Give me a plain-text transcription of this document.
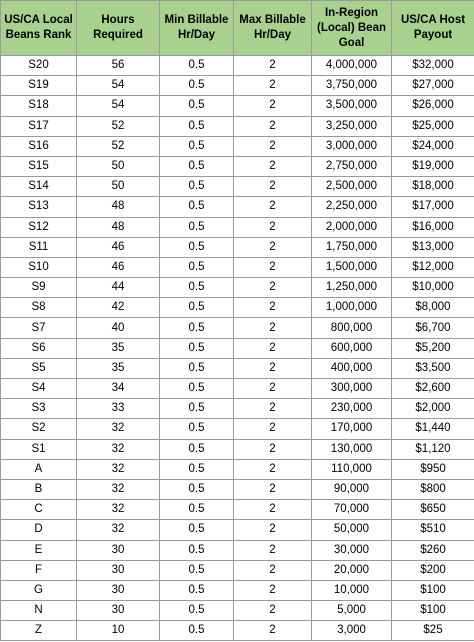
US/CA Local Beans Rank	Hours Required	Min Billable Hr/Day	Max Billable Hr/Day	In-Region (Local) Bean Goal	US/CA Host Payout
S20	56	0.5	2	4,000,000	$32,000
S19	54	0.5	2	3,750,000	$27,000
S18	54	0.5	2	3,500,000	$26,000
S17	52	0.5	2	3,250,000	$25,000
S16	52	0.5	2	3,000,000	$24,000
S15	50	0.5	2	2,750,000	$19,000
S14	50	0.5	2	2,500,000	$18,000
S13	48	0.5	2	2,250,000	$17,000
S12	48	0.5	2	2,000,000	$16,000
S11	46	0.5	2	1,750,000	$13,000
S10	46	0.5	2	1,500,000	$12,000
S9	44	0.5	2	1,250,000	$10,000
S8	42	0.5	2	1,000,000	$8,000
S7	40	0.5	2	800,000	$6,700
S6	35	0.5	2	600,000	$5,200
S5	35	0.5	2	400,000	$3,500
S4	34	0.5	2	300,000	$2,600
S3	33	0.5	2	230,000	$2,000
S2	32	0.5	2	170,000	$1,440
S1	32	0.5	2	130,000	$1,120
A	32	0.5	2	110,000	$950
B	32	0.5	2	90,000	$800
C	32	0.5	2	70,000	$650
D	32	0.5	2	50,000	$510
E	30	0.5	2	30,000	$260
F	30	0.5	2	20,000	$200
G	30	0.5	2	10,000	$100
N	30	0.5	2	5,000	$100
Z	10	0.5	2	3,000	$25
